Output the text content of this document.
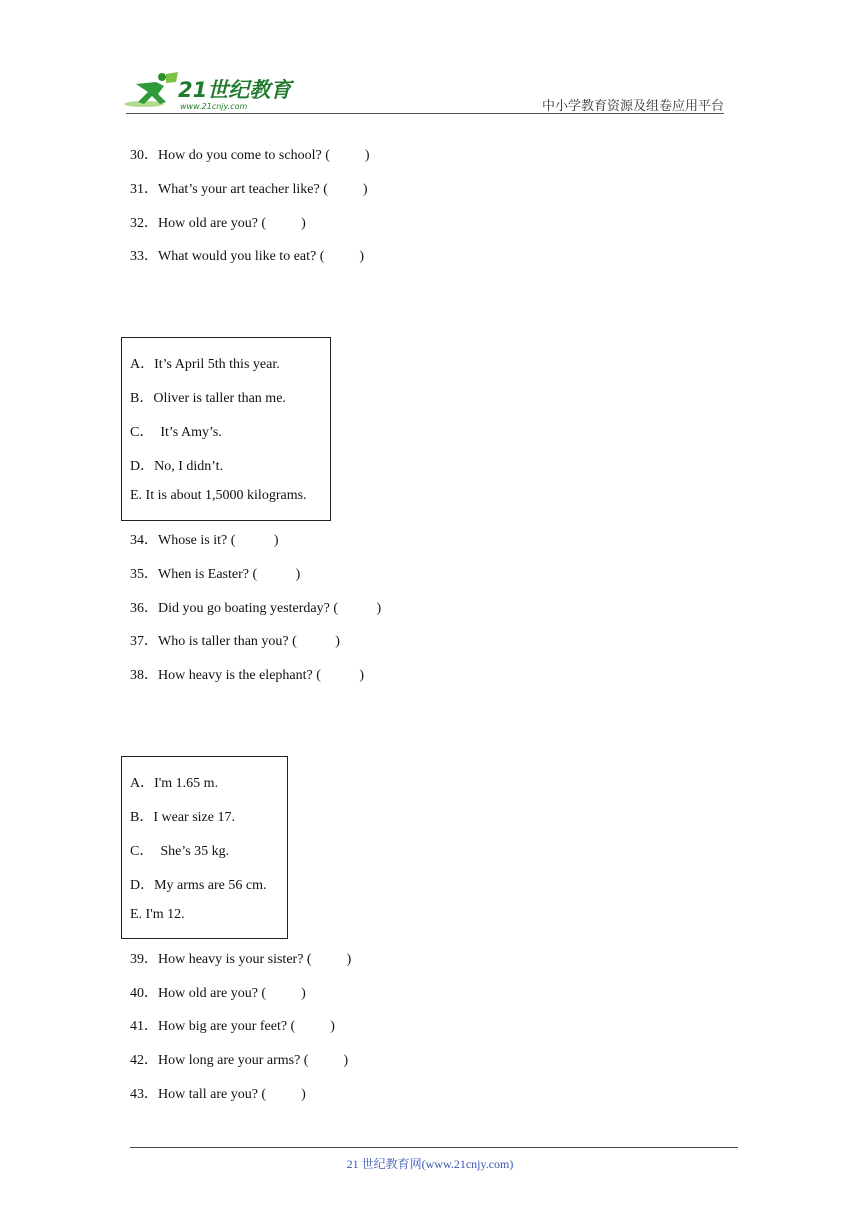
21世纪教育
www.21cnjy.com	中小学教育资源及组卷应用平台
30．How do you come to school? (          )
31．What’s your art teacher like? (          )
32．How old are you? (          )
33．What would you like to eat? (          )
A．It’s April 5th this year.
B．Oliver is taller than me.
C．  It’s Amy’s.
D．No, I didn’t.
E. It is about 1,5000 kilograms.
34．Whose is it? (           )
35．When is Easter? (           )
36．Did you go boating yesterday? (           )
37．Who is taller than you? (           )
38．How heavy is the elephant? (           )
A．I'm 1.65 m.
B．I wear size 17.
C．  She’s 35 kg.
D．My arms are 56 cm.
E. I'm 12.
39．How heavy is your sister? (          )
40．How old are you? (          )
41．How big are your feet? (          )
42．How long are your arms? (          )
43．How tall are you? (          )
21 世纪教育网(www.21cnjy.com)
